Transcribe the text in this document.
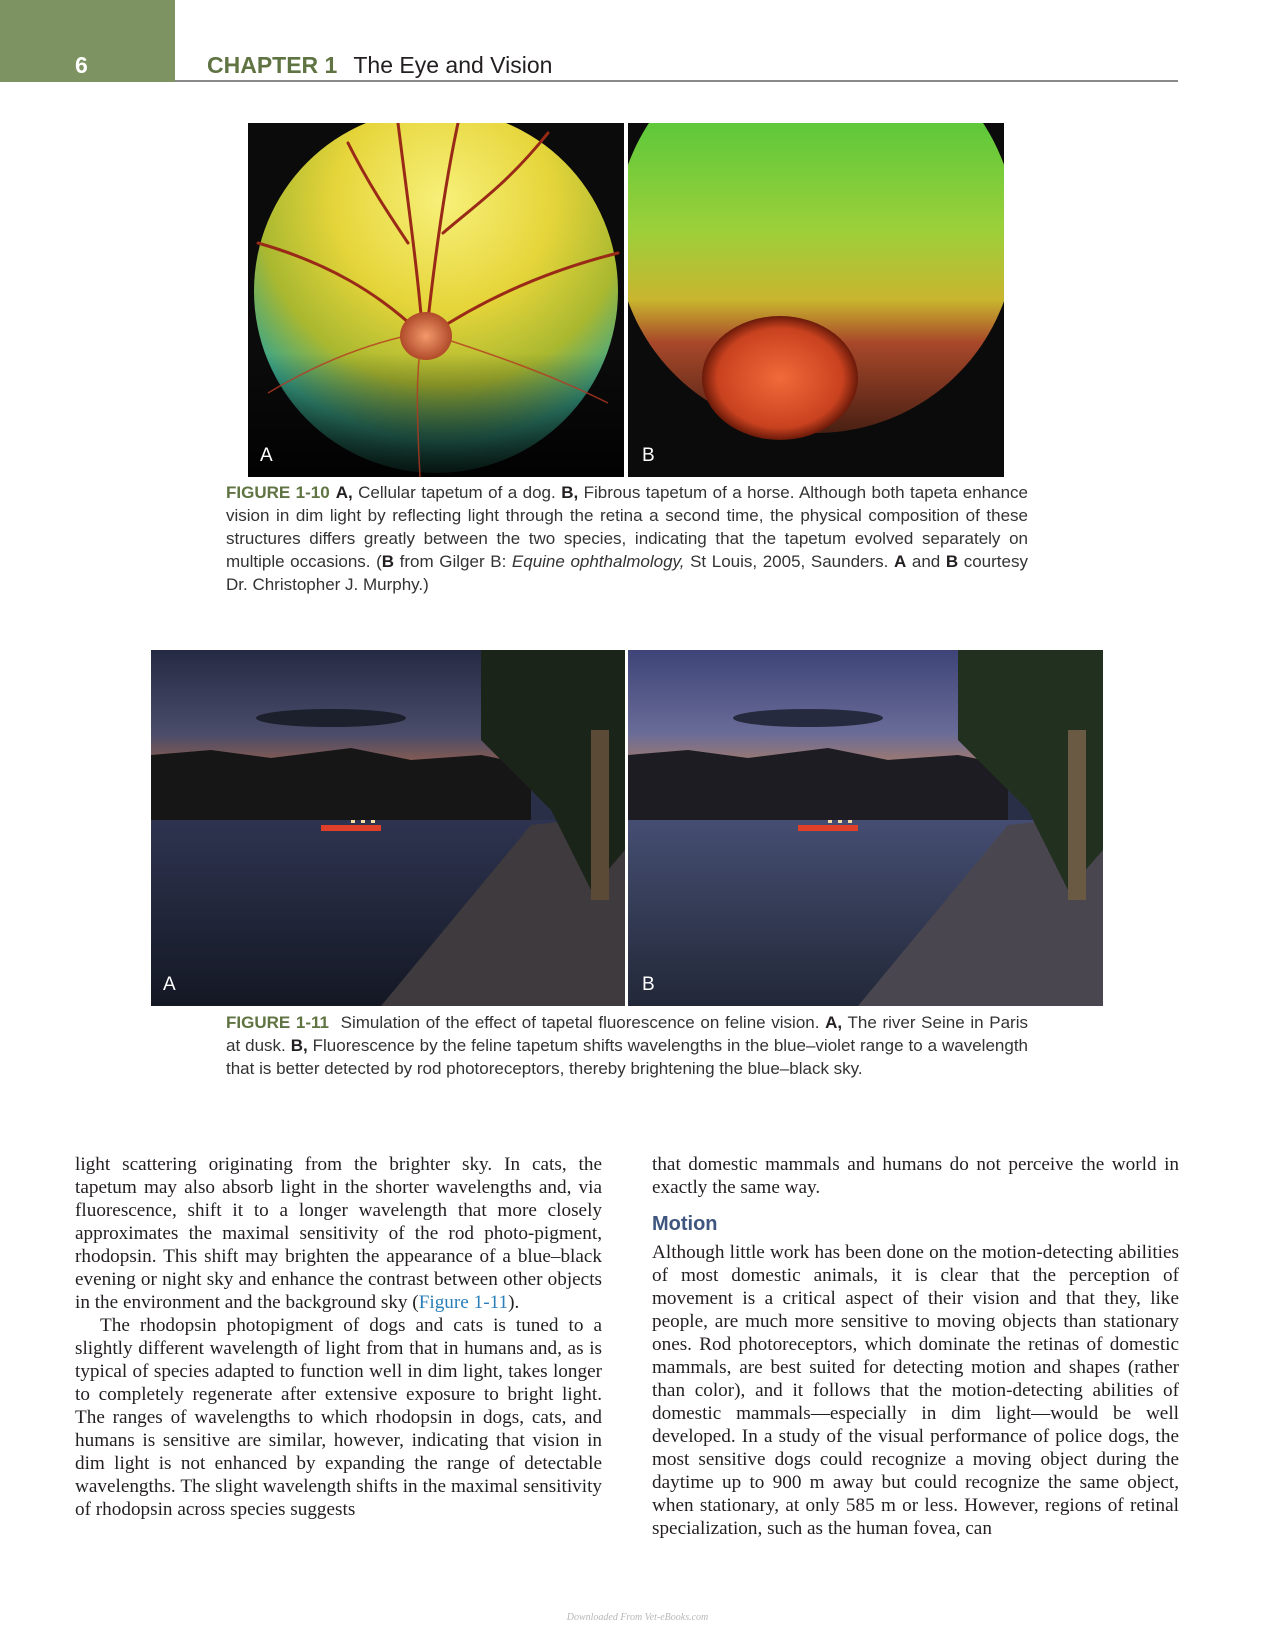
6	CHAPTER 1 The Eye and Vision
A	B
FIGURE 1-10 A, Cellular tapetum of a dog. B, Fibrous tapetum of a horse. Although both tapeta enhance vision in dim light by reflecting light through the retina a second time, the physical composition of these structures differs greatly between the two species, indicating that the tapetum evolved separately on multiple occasions. (B from Gilger B: Equine ophthalmology, St Louis, 2005, Saunders. A and B courtesy Dr. Christopher J. Murphy.)
A	B
FIGURE 1-11 Simulation of the effect of tapetal fluorescence on feline vision. A, The river Seine in Paris at dusk. B, Fluorescence by the feline tapetum shifts wavelengths in the blue–violet range to a wavelength that is better detected by rod photoreceptors, thereby brightening the blue–black sky.

light scattering originating from the brighter sky. In cats, the tapetum may also absorb light in the shorter wavelengths and, via fluorescence, shift it to a longer wavelength that more closely approximates the maximal sensitivity of the rod photo-pigment, rhodopsin. This shift may brighten the appearance of a blue–black evening or night sky and enhance the contrast between other objects in the environment and the background sky (Figure 1-11).

The rhodopsin photopigment of dogs and cats is tuned to a slightly different wavelength of light from that in humans and, as is typical of species adapted to function well in dim light, takes longer to completely regenerate after extensive exposure to bright light. The ranges of wavelengths to which rhodopsin in dogs, cats, and humans is sensitive are similar, however, indicating that vision in dim light is not enhanced by expanding the range of detectable wavelengths. The slight wavelength shifts in the maximal sensitivity of rhodopsin across species suggests

that domestic mammals and humans do not perceive the world in exactly the same way.

Motion

Although little work has been done on the motion-detecting abilities of most domestic animals, it is clear that the perception of movement is a critical aspect of their vision and that they, like people, are much more sensitive to moving objects than stationary ones. Rod photoreceptors, which dominate the retinas of domestic mammals, are best suited for detecting motion and shapes (rather than color), and it follows that the motion-detecting abilities of domestic mammals—especially in dim light—would be well developed. In a study of the visual performance of police dogs, the most sensitive dogs could recognize a moving object during the daytime up to 900 m away but could recognize the same object, when stationary, at only 585 m or less. However, regions of retinal specialization, such as the human fovea, can

Downloaded From Vet-eBooks.com
